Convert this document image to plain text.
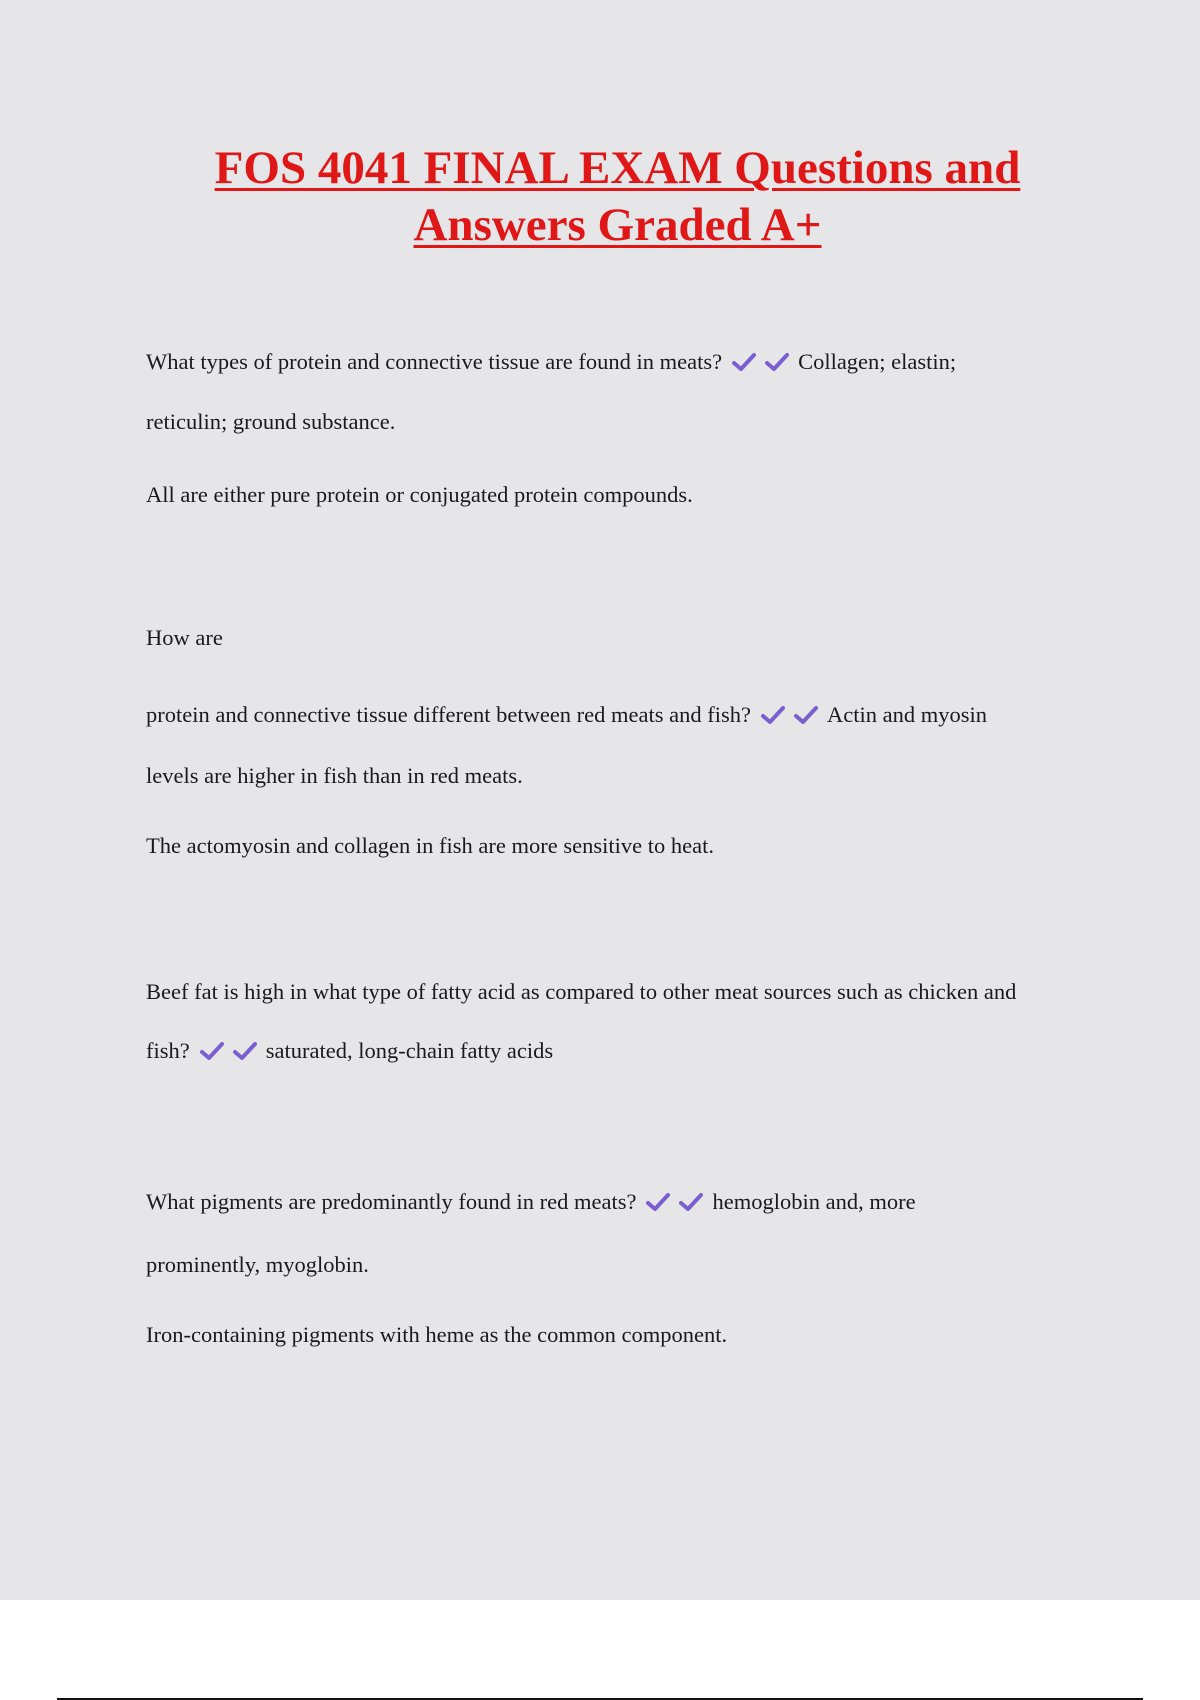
FOS 4041 FINAL EXAM Questions and
Answers Graded A+
What types of protein and connective tissue are found in meats?	Collagen; elastin;
reticulin; ground substance.
All are either pure protein or conjugated protein compounds.
How are
protein and connective tissue different between red meats and fish?	Actin and myosin
levels are higher in fish than in red meats.
The actomyosin and collagen in fish are more sensitive to heat.
Beef fat is high in what type of fatty acid as compared to other meat sources such as chicken and
fish?	saturated, long-chain fatty acids
What pigments are predominantly found in red meats?	hemoglobin and, more
prominently, myoglobin.
Iron-containing pigments with heme as the common component.
